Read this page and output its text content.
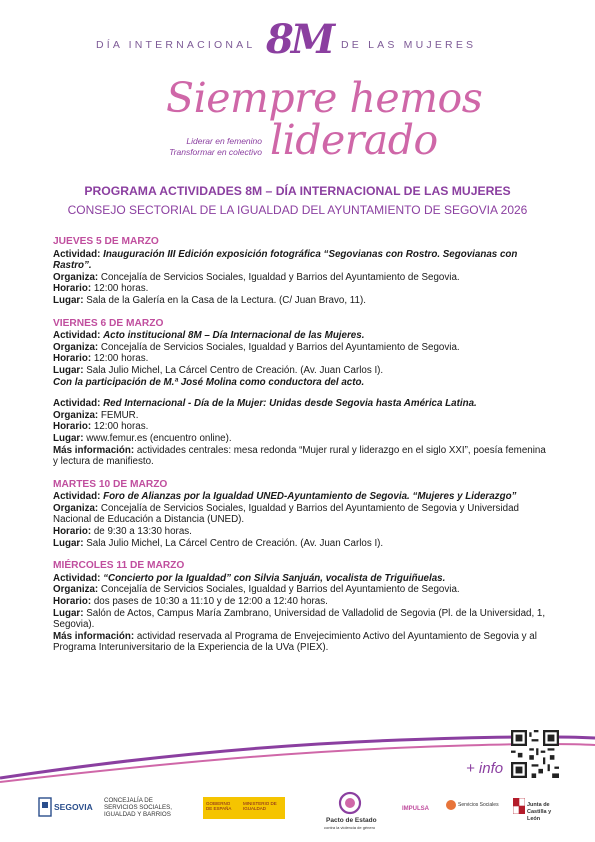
DÍA INTERNACIONAL 8M DE LAS MUJERES
Siempre hemos
liderado
Liderar en femenino
Transformar en colectivo
PROGRAMA ACTIVIDADES 8M – DÍA INTERNACIONAL DE LAS MUJERES
CONSEJO SECTORIAL DE LA IGUALDAD DEL AYUNTAMIENTO DE SEGOVIA 2026
JUEVES 5 DE MARZO
Actividad: Inauguración III Edición exposición fotográfica “Segovianas con Rostro. Segovianas con Rastro”.
Organiza: Concejalía de Servicios Sociales, Igualdad y Barrios del Ayuntamiento de Segovia.
Horario: 12:00 horas.
Lugar: Sala de la Galería en la Casa de la Lectura. (C/ Juan Bravo, 11).
VIERNES 6 DE MARZO
Actividad: Acto institucional 8M – Día Internacional de las Mujeres.
Organiza: Concejalía de Servicios Sociales, Igualdad y Barrios del Ayuntamiento de Segovia.
Horario: 12:00 horas.
Lugar: Sala Julio Michel, La Cárcel Centro de Creación. (Av. Juan Carlos I).
Con la participación de M.ª José Molina como conductora del acto.
Actividad: Red Internacional - Día de la Mujer: Unidas desde Segovia hasta América Latina.
Organiza: FEMUR.
Horario: 12:00 horas.
Lugar: www.femur.es (encuentro online).
Más información: actividades centrales: mesa redonda “Mujer rural y liderazgo en el siglo XXI”, poesía femenina y lectura de manifiesto.
MARTES 10 DE MARZO
Actividad: Foro de Alianzas por la Igualdad UNED-Ayuntamiento de Segovia. “Mujeres y Liderazgo”
Organiza: Concejalía de Servicios Sociales, Igualdad y Barrios del Ayuntamiento de Segovia y Universidad Nacional de Educación a Distancia (UNED).
Horario: de 9:30 a 13:30 horas.
Lugar: Sala Julio Michel, La Cárcel Centro de Creación. (Av. Juan Carlos I).
MIÉRCOLES 11 DE MARZO
Actividad: “Concierto por la Igualdad” con Silvia Sanjuán, vocalista de Triguiñuelas.
Organiza: Concejalía de Servicios Sociales, Igualdad y Barrios del Ayuntamiento de Segovia.
Horario: dos pases de 10:30 a 11:10 y de 12:00 a 12:40 horas.
Lugar: Salón de Actos, Campus María Zambrano, Universidad de Valladolid de Segovia (Pl. de la Universidad, 1, Segovia).
Más información: actividad reservada al Programa de Envejecimiento Activo del Ayuntamiento de Segovia y al Programa Interuniversitario de la Experiencia de la UVa (PIEX).
+ info
SEGOVIA
CONCEJALÍA DE SERVICIOS SOCIALES, IGUALDAD Y BARRIOS
GOBIERNO DE ESPAÑA
MINISTERIO DE IGUALDAD
Pacto de Estado
contra la violencia de género
IMPULSA
Servicios Sociales	Junta de Castilla y León
